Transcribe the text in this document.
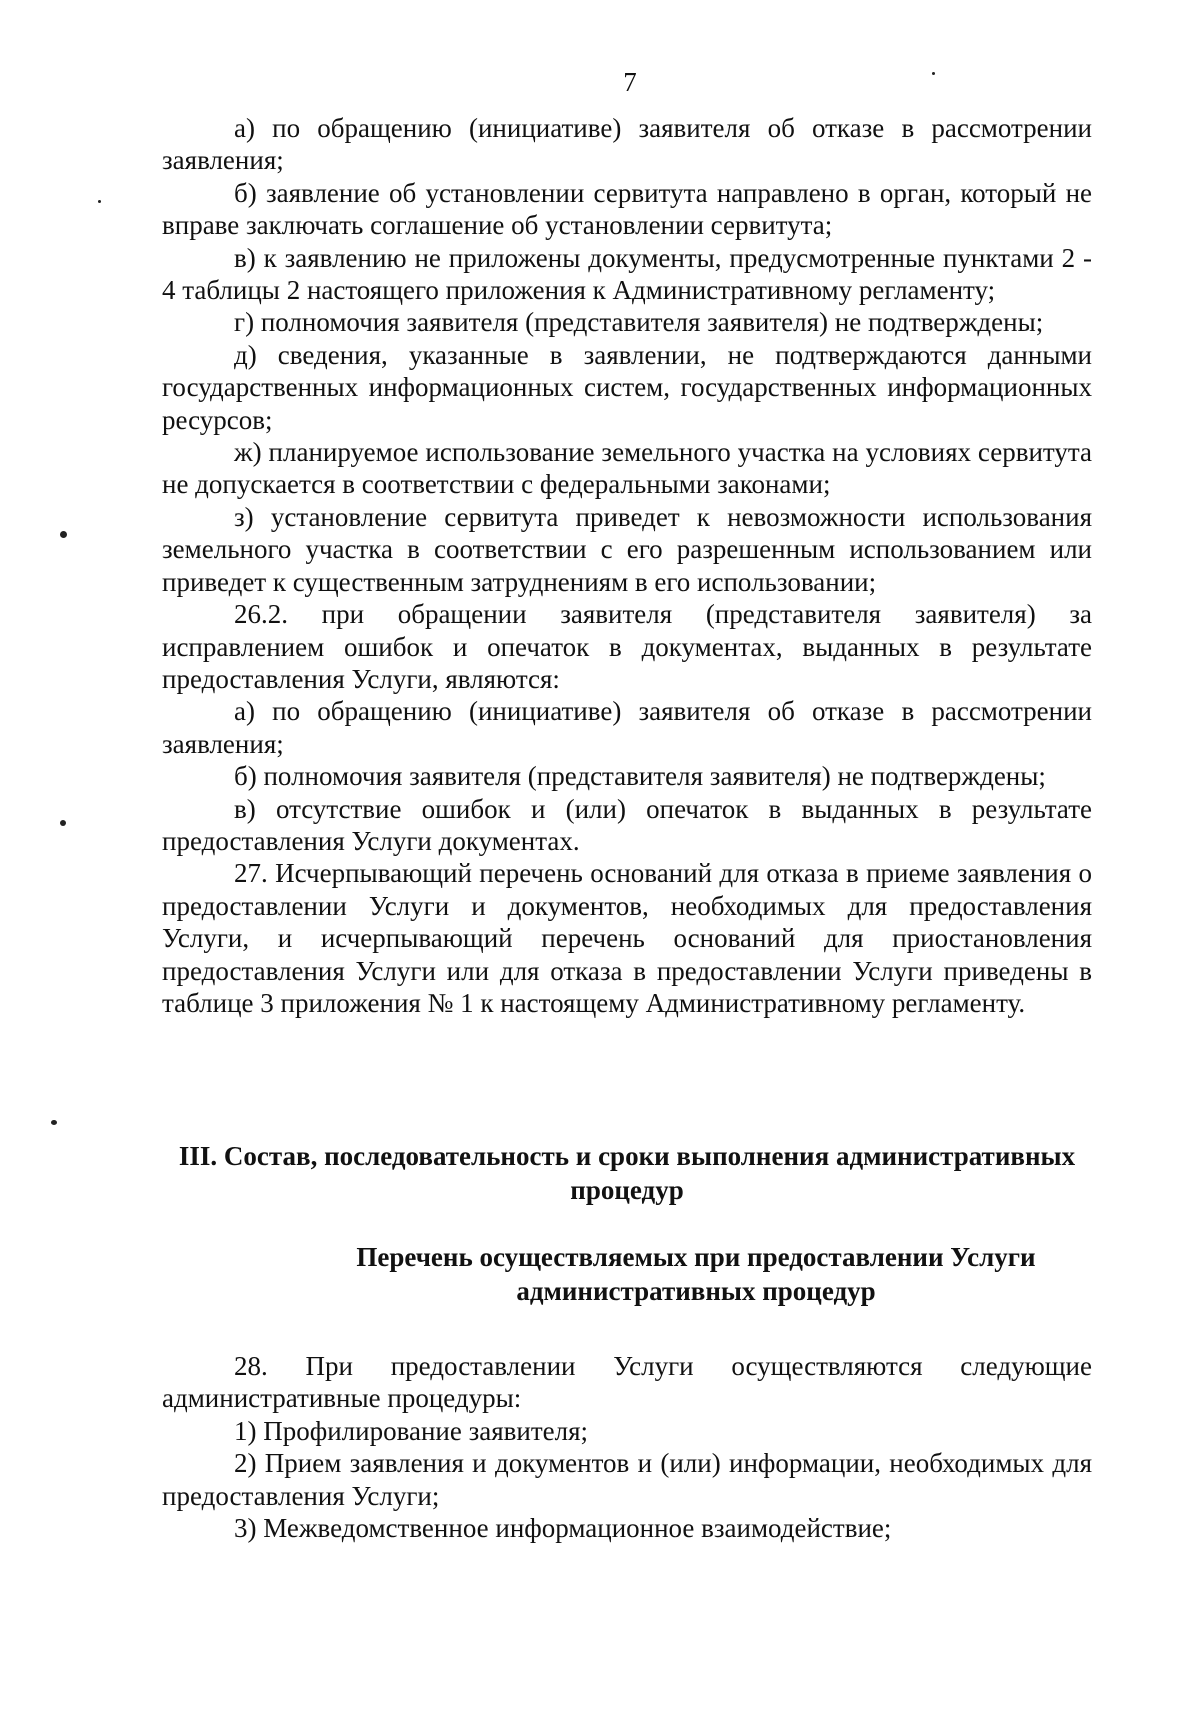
7

а) по обращению (инициативе) заявителя об отказе в рассмотрении заявления;

б) заявление об установлении сервитута направлено в орган, который не вправе заключать соглашение об установлении сервитута;

в) к заявлению не приложены документы, предусмотренные пунктами 2 - 4 таблицы 2 настоящего приложения к Административному регламенту;

г) полномочия заявителя (представителя заявителя) не подтверждены;

д) сведения, указанные в заявлении, не подтверждаются данными государственных информационных систем, государственных информационных ресурсов;

ж) планируемое использование земельного участка на условиях сервитута не допускается в соответствии с федеральными законами;

з) установление сервитута приведет к невозможности использования земельного участка в соответствии с его разрешенным использованием или приведет к существенным затруднениям в его использовании;

26.2. при обращении заявителя (представителя заявителя) за исправлением ошибок и опечаток в документах, выданных в результате предоставления Услуги, являются:

а) по обращению (инициативе) заявителя об отказе в рассмотрении заявления;

б) полномочия заявителя (представителя заявителя) не подтверждены;

в) отсутствие ошибок и (или) опечаток в выданных в результате предоставления Услуги документах.

27. Исчерпывающий перечень оснований для отказа в приеме заявления о предоставлении Услуги и документов, необходимых для предоставления Услуги, и исчерпывающий перечень оснований для приостановления предоставления Услуги или для отказа в предоставлении Услуги приведены в таблице 3 приложения № 1 к настоящему Административному регламенту.

III. Состав, последовательность и сроки выполнения административных процедур
Перечень осуществляемых при предоставлении Услуги административных процедур

28. При предоставлении Услуги осуществляются следующие административные процедуры:

1) Профилирование заявителя;

2) Прием заявления и документов и (или) информации, необходимых для предоставления Услуги;

3) Межведомственное информационное взаимодействие;
